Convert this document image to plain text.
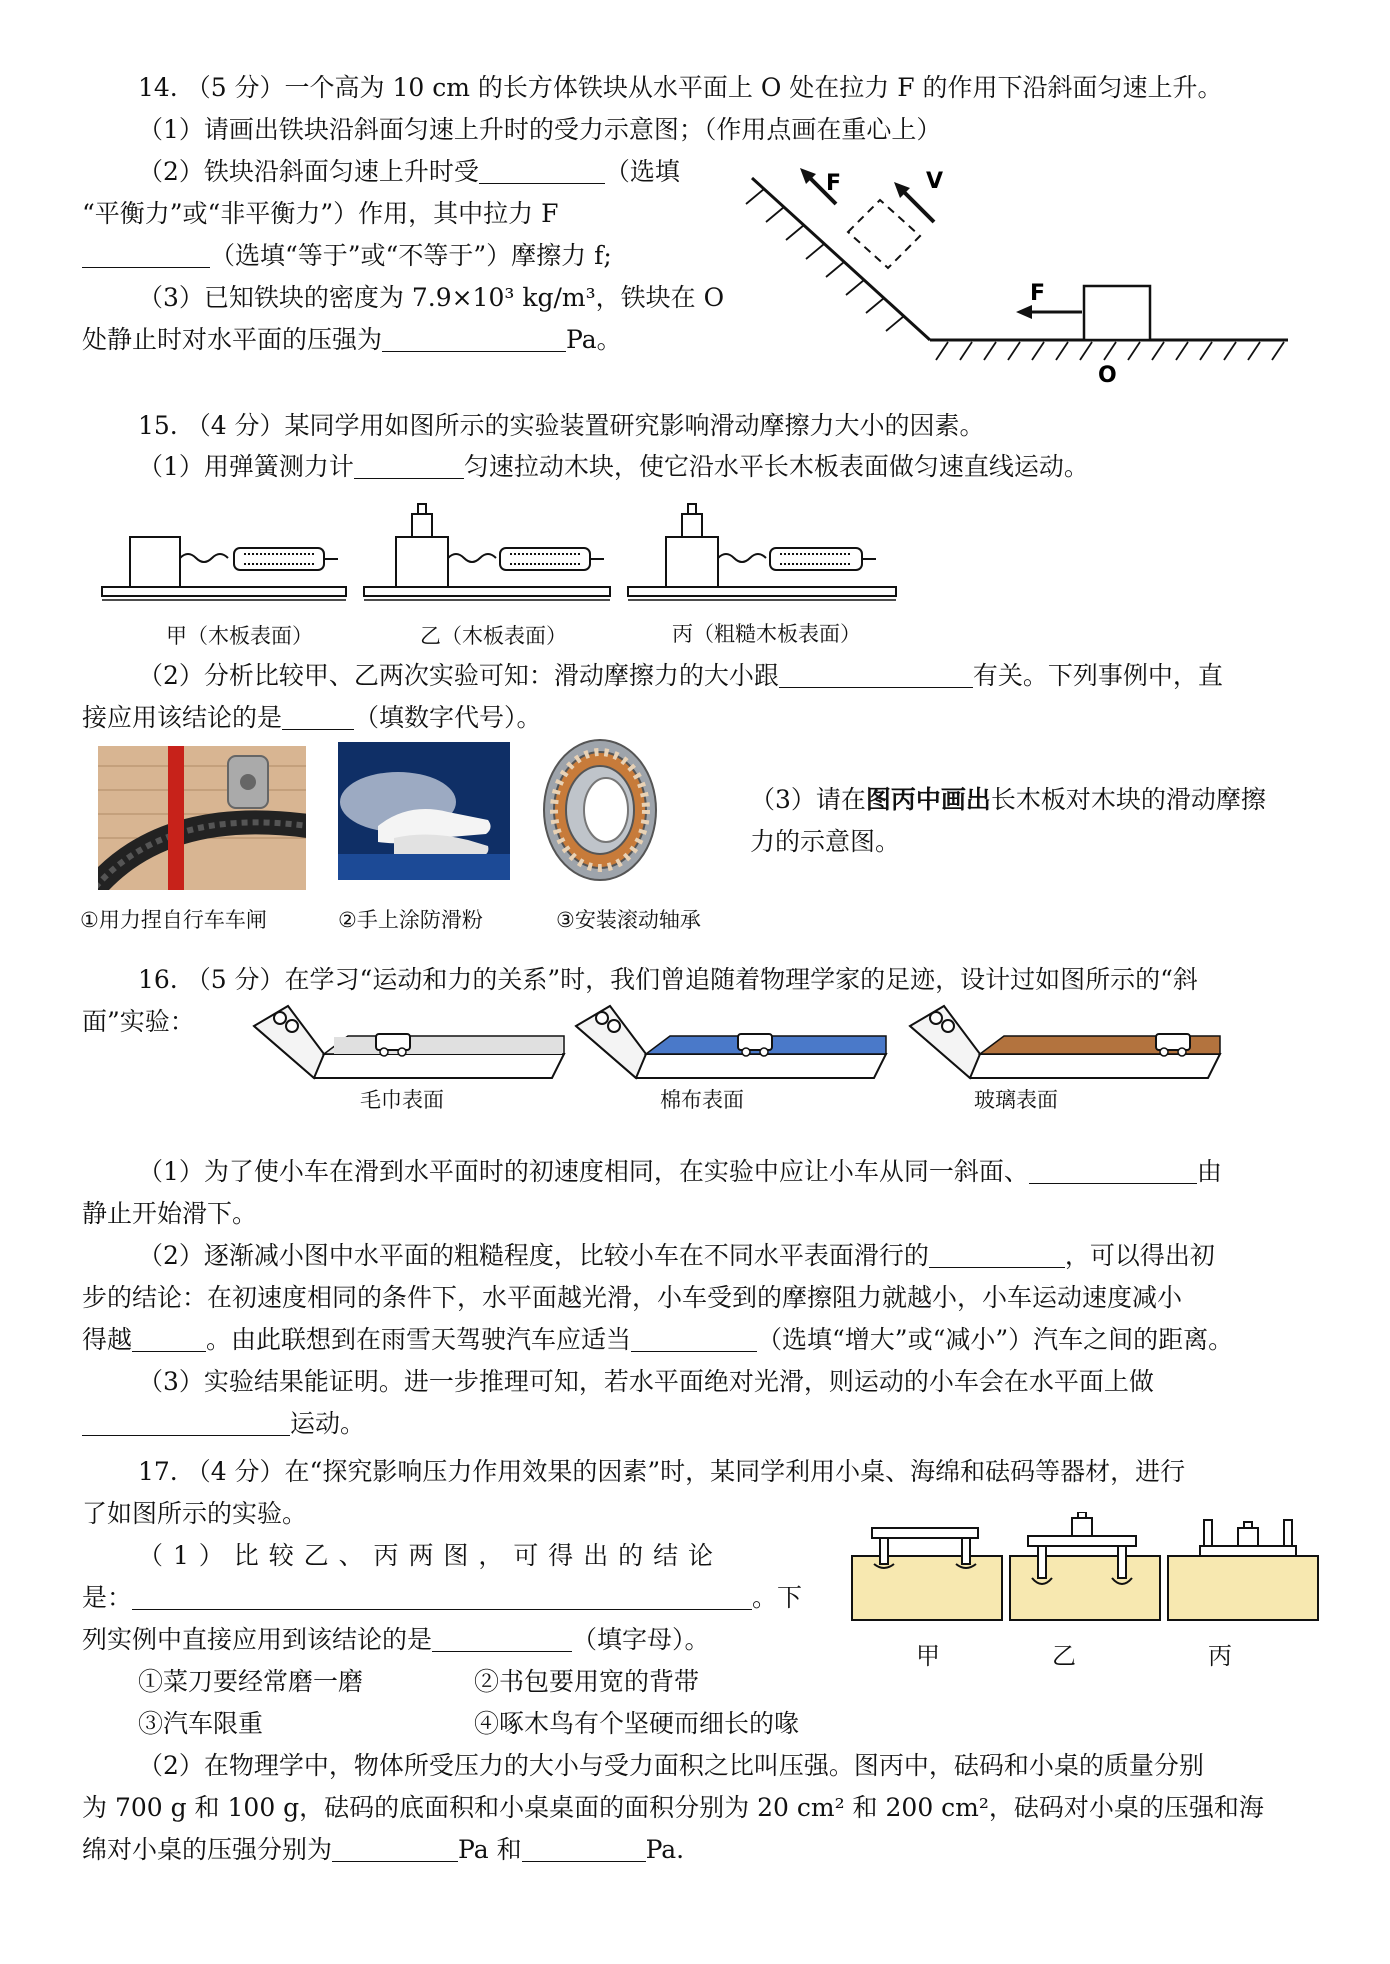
14. （5 分）一个高为 10 cm 的长方体铁块从水平面上 O 处在拉力 F 的作用下沿斜面匀速上升。
（1）请画出铁块沿斜面匀速上升时的受力示意图；（作用点画在重心上）
（2）铁块沿斜面匀速上升时受	（选填
“平衡力”或“非平衡力”）作用，其中拉力 F
（选填“等于”或“不等于”）摩擦力 f;
（3）已知铁块的密度为 7.9×10³ kg/m³，铁块在 O
处静止时对水平面的压强为	Pa。
F	V
F
O
15. （4 分）某同学用如图所示的实验装置研究影响滑动摩擦力大小的因素。
（1）用弹簧测力计	匀速拉动木块，使它沿水平长木板表面做匀速直线运动。
甲（木板表面）	乙（木板表面）	丙（粗糙木板表面）
（2）分析比较甲、乙两次实验可知：滑动摩擦力的大小跟	有关。下列事例中，直
接应用该结论的是	（填数字代号）。
①用力捏自行车车闸	②手上涂防滑粉	③安装滚动轴承
（3）请在图丙中画出长木板对木块的滑动摩擦
力的示意图。
16. （5 分）在学习“运动和力的关系”时，我们曾追随着物理学家的足迹，设计过如图所示的“斜
面”实验：
毛巾表面	棉布表面	玻璃表面
（1）为了使小车在滑到水平面时的初速度相同，在实验中应让小车从同一斜面、	由
静止开始滑下。
（2）逐渐减小图中水平面的粗糙程度，比较小车在不同水平表面滑行的	，可以得出初
步的结论：在初速度相同的条件下，水平面越光滑，小车受到的摩擦阻力就越小，小车运动速度减小
得越	。由此联想到在雨雪天驾驶汽车应适当	（选填“增大”或“减小”）汽车之间的距离。
（3）实验结果能证明。进一步推理可知，若水平面绝对光滑，则运动的小车会在水平面上做
运动。
17. （4 分）在“探究影响压力作用效果的因素”时，某同学利用小桌、海绵和砝码等器材，进行
了如图所示的实验。
（ 1 ） 比 较 乙 、 丙 两 图 ， 可 得 出 的 结 论
是：	。下
列实例中直接应用到该结论的是	（填字母）。
①菜刀要经常磨一磨	②书包要用宽的背带
③汽车限重	④啄木鸟有个坚硬而细长的喙
甲	乙	丙
（2）在物理学中，物体所受压力的大小与受力面积之比叫压强。图丙中，砝码和小桌的质量分别
为 700 g 和 100 g，砝码的底面积和小桌桌面的面积分别为 20 cm² 和 200 cm²，砝码对小桌的压强和海
绵对小桌的压强分别为	Pa 和	Pa.
